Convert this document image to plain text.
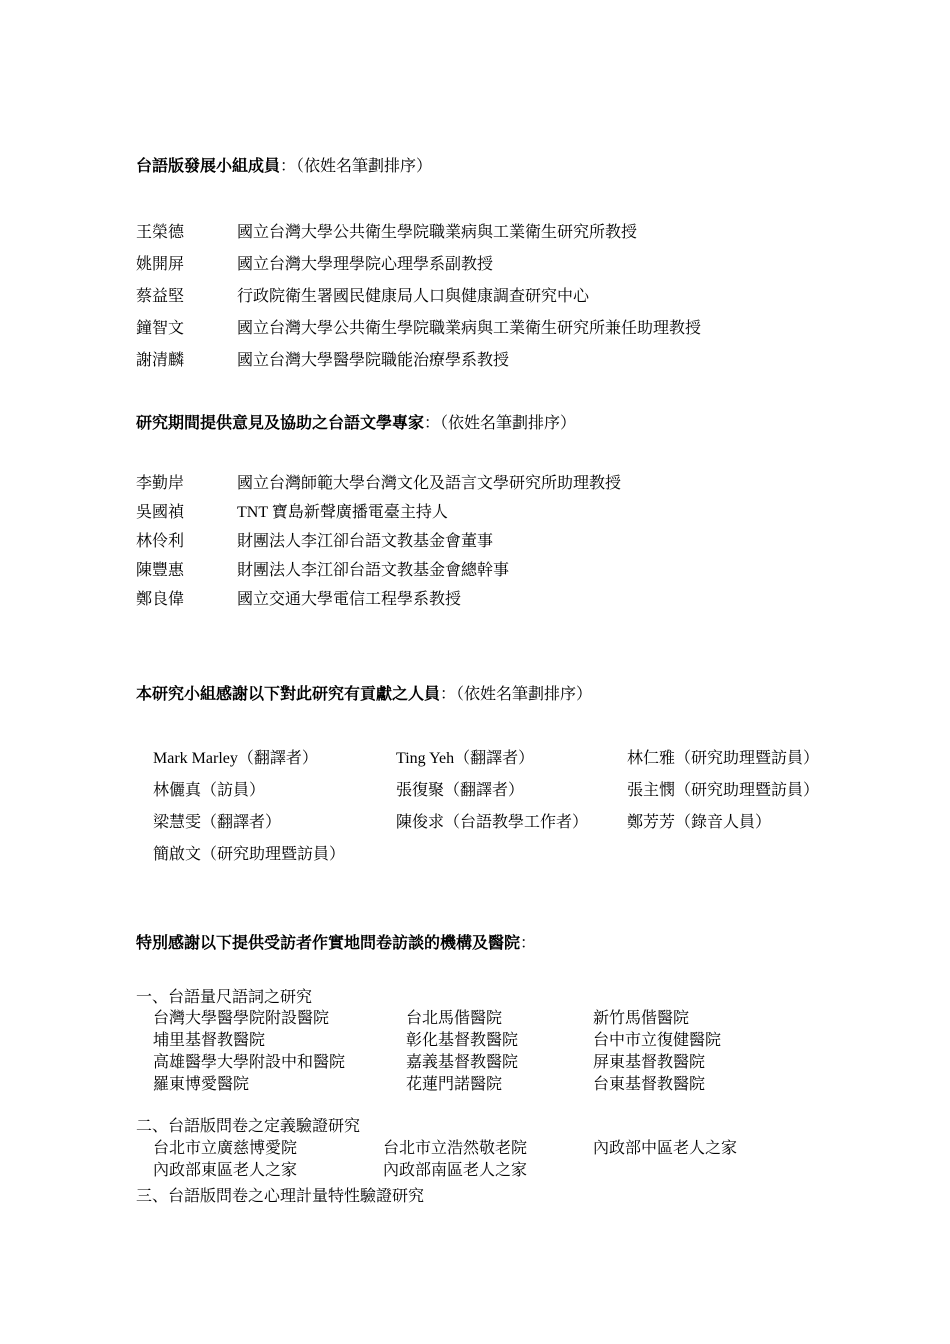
台語版發展小組成員：（依姓名筆劃排序）
王榮德	國立台灣大學公共衛生學院職業病與工業衛生研究所教授
姚開屏	國立台灣大學理學院心理學系副教授
蔡益堅	行政院衛生署國民健康局人口與健康調查研究中心
鐘智文	國立台灣大學公共衛生學院職業病與工業衛生研究所兼任助理教授
謝清麟	國立台灣大學醫學院職能治療學系教授
研究期間提供意見及協助之台語文學專家：（依姓名筆劃排序）
李勤岸	國立台灣師範大學台灣文化及語言文學研究所助理教授
吳國禎	TNT 寶島新聲廣播電臺主持人
林伶利	財團法人李江卻台語文教基金會董事
陳豐惠	財團法人李江卻台語文教基金會總幹事
鄭良偉	國立交通大學電信工程學系教授
本研究小組感謝以下對此研究有貢獻之人員：（依姓名筆劃排序）
Mark Marley（翻譯者）	Ting Yeh（翻譯者）	林仁雅（研究助理暨訪員）
林儷真（訪員）	張復聚（翻譯者）	張主憫（研究助理暨訪員）
梁慧雯（翻譯者）	陳俊求（台語教學工作者） 鄭芳芳（錄音人員）
簡啟文（研究助理暨訪員）
特別感謝以下提供受訪者作實地問卷訪談的機構及醫院：
一、台語量尺語詞之研究
台灣大學醫學院附設醫院	台北馬偕醫院	新竹馬偕醫院
埔里基督教醫院	彰化基督教醫院	台中市立復健醫院
高雄醫學大學附設中和醫院	嘉義基督教醫院	屏東基督教醫院
羅東博愛醫院	花蓮門諾醫院	台東基督教醫院
二、台語版問卷之定義驗證研究
台北市立廣慈博愛院	台北市立浩然敬老院	內政部中區老人之家
內政部東區老人之家	內政部南區老人之家
三、台語版問卷之心理計量特性驗證研究
